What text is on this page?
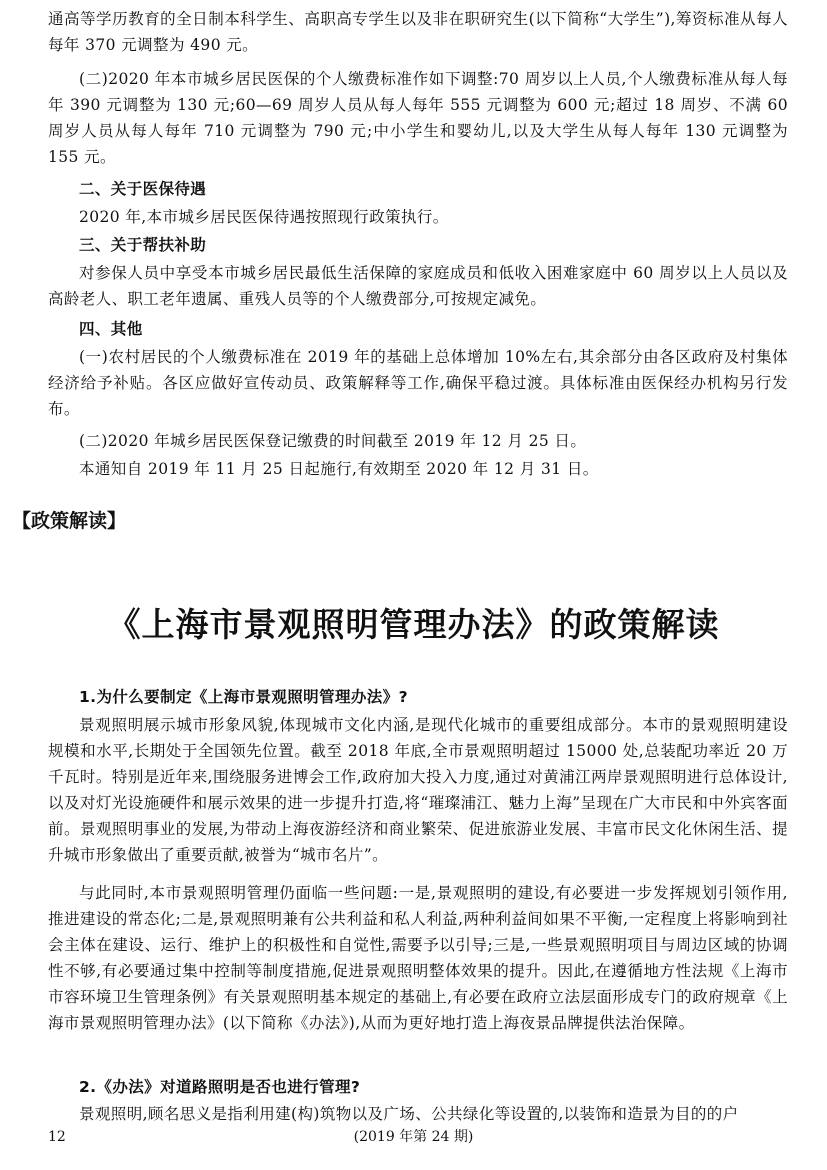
通高等学历教育的全日制本科学生、高职高专学生以及非在职研究生(以下简称“大学生”),筹资标准从每人每年 370 元调整为 490 元。

(二)2020 年本市城乡居民医保的个人缴费标准作如下调整:70 周岁以上人员,个人缴费标准从每人每年 390 元调整为 130 元;60—69 周岁人员从每人每年 555 元调整为 600 元;超过 18 周岁、不满 60 周岁人员从每人每年 710 元调整为 790 元;中小学生和婴幼儿,以及大学生从每人每年 130 元调整为 155 元。

二、关于医保待遇

2020 年,本市城乡居民医保待遇按照现行政策执行。

三、关于帮扶补助

对参保人员中享受本市城乡居民最低生活保障的家庭成员和低收入困难家庭中 60 周岁以上人员以及高龄老人、职工老年遗属、重残人员等的个人缴费部分,可按规定减免。

四、其他

(一)农村居民的个人缴费标准在 2019 年的基础上总体增加 10%左右,其余部分由各区政府及村集体经济给予补贴。各区应做好宣传动员、政策解释等工作,确保平稳过渡。具体标准由医保经办机构另行发布。

(二)2020 年城乡居民医保登记缴费的时间截至 2019 年 12 月 25 日。

本通知自 2019 年 11 月 25 日起施行,有效期至 2020 年 12 月 31 日。

【政策解读】

《上海市景观照明管理办法》的政策解读

1.为什么要制定《上海市景观照明管理办法》?

景观照明展示城市形象风貌,体现城市文化内涵,是现代化城市的重要组成部分。本市的景观照明建设规模和水平,长期处于全国领先位置。截至 2018 年底,全市景观照明超过 15000 处,总装配功率近 20 万千瓦时。特别是近年来,围绕服务进博会工作,政府加大投入力度,通过对黄浦江两岸景观照明进行总体设计,以及对灯光设施硬件和展示效果的进一步提升打造,将“璀璨浦江、魅力上海”呈现在广大市民和中外宾客面前。景观照明事业的发展,为带动上海夜游经济和商业繁荣、促进旅游业发展、丰富市民文化休闲生活、提升城市形象做出了重要贡献,被誉为“城市名片”。

与此同时,本市景观照明管理仍面临一些问题:一是,景观照明的建设,有必要进一步发挥规划引领作用,推进建设的常态化;二是,景观照明兼有公共利益和私人利益,两种利益间如果不平衡,一定程度上将影响到社会主体在建设、运行、维护上的积极性和自觉性,需要予以引导;三是,一些景观照明项目与周边区域的协调性不够,有必要通过集中控制等制度措施,促进景观照明整体效果的提升。因此,在遵循地方性法规《上海市市容环境卫生管理条例》有关景观照明基本规定的基础上,有必要在政府立法层面形成专门的政府规章《上海市景观照明管理办法》(以下简称《办法》),从而为更好地打造上海夜景品牌提供法治保障。

2.《办法》对道路照明是否也进行管理?

景观照明,顾名思义是指利用建(构)筑物以及广场、公共绿化等设置的,以装饰和造景为目的的户

12	(2019 年第 24 期)
